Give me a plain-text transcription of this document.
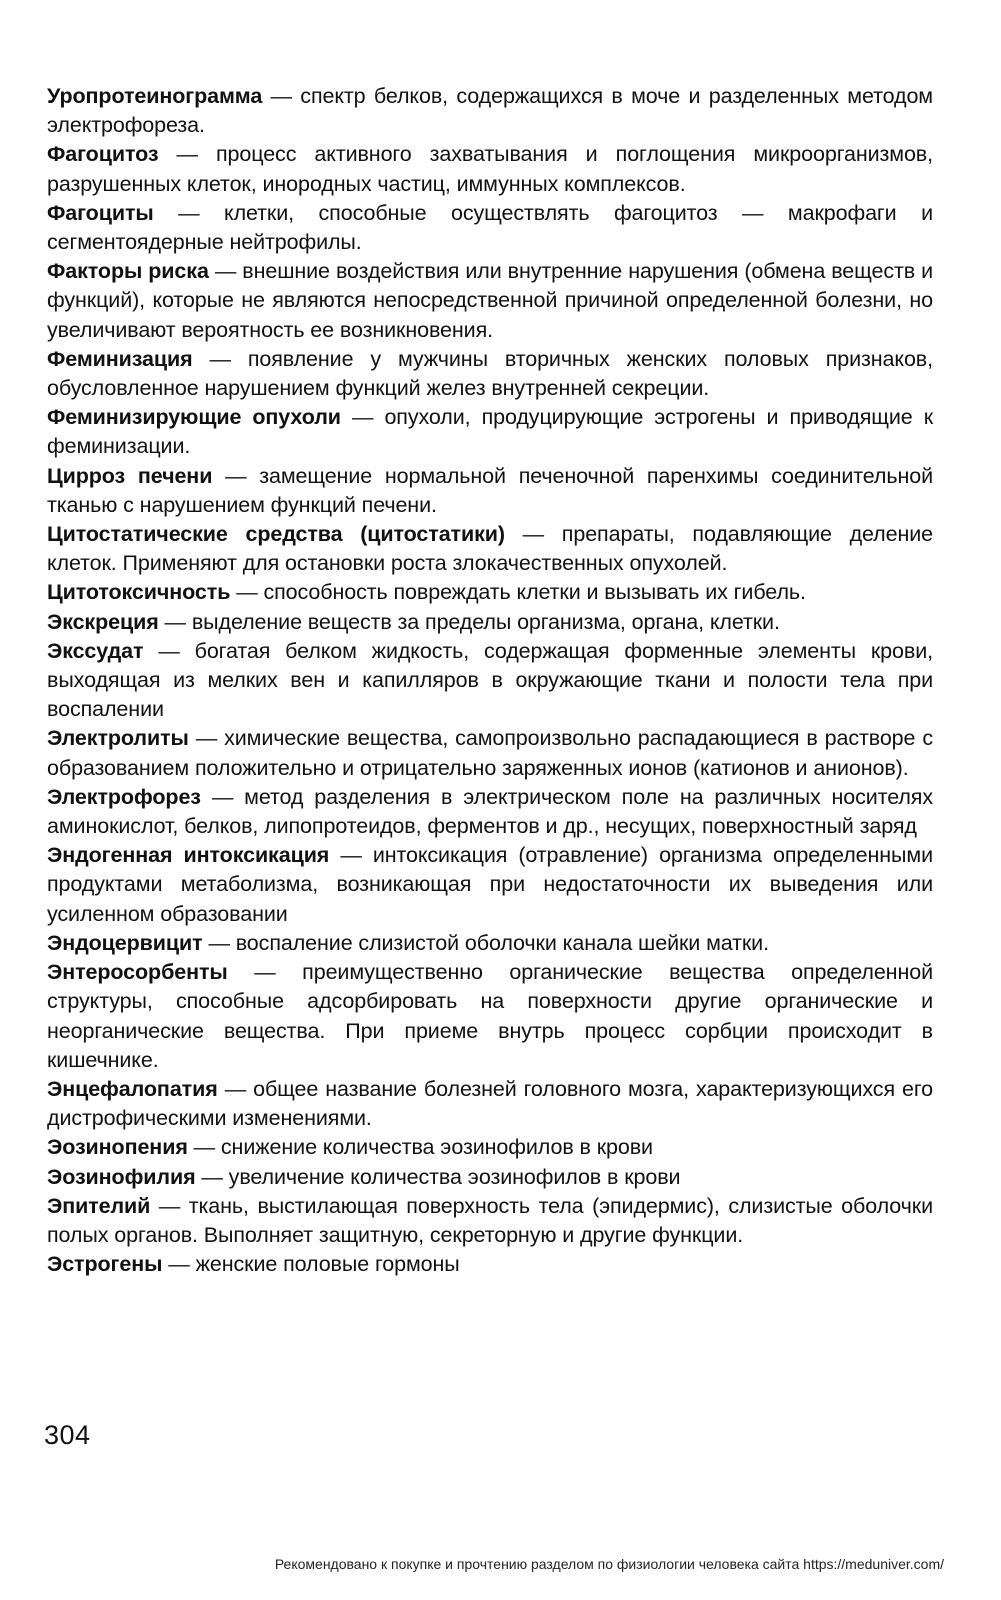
Уропротеинограмма — спектр белков, содержащихся в моче и разделенных методом электрофореза.
Фагоцитоз — процесс активного захватывания и поглощения микроорганизмов, разрушенных клеток, инородных частиц, иммунных комплексов.
Фагоциты — клетки, способные осуществлять фагоцитоз — макрофаги и сегментоядерные нейтрофилы.
Факторы риска — внешние воздействия или внутренние нарушения (обмена веществ и функций), которые не являются непосредственной причиной определенной болезни, но увеличивают вероятность ее возникновения.
Феминизация — появление у мужчины вторичных женских половых признаков, обусловленное нарушением функций желез внутренней секреции.
Феминизирующие опухоли — опухоли, продуцирующие эстрогены и приводящие к феминизации.
Цирроз печени — замещение нормальной печеночной паренхимы соединительной тканью с нарушением функций печени.
Цитостатические средства (цитостатики) — препараты, подавляющие деление клеток. Применяют для остановки роста злокачественных опухолей.
Цитотоксичность — способность повреждать клетки и вызывать их гибель.
Экскреция — выделение веществ за пределы организма, органа, клетки.
Экссудат — богатая белком жидкость, содержащая форменные элементы крови, выходящая из мелких вен и капилляров в окружающие ткани и полости тела при воспалении
Электролиты — химические вещества, самопроизвольно распадающиеся в растворе с образованием положительно и отрицательно заряженных ионов (катионов и анионов).
Электрофорез — метод разделения в электрическом поле на различных носителях аминокислот, белков, липопротеидов, ферментов и др., несущих, поверхностный заряд
Эндогенная интоксикация — интоксикация (отравление) организма определенными продуктами метаболизма, возникающая при недостаточности их выведения или усиленном образовании
Эндоцервицит — воспаление слизистой оболочки канала шейки матки.
Энтеросорбенты — преимущественно органические вещества определенной структуры, способные адсорбировать на поверхности другие органические и неорганические вещества. При приеме внутрь процесс сорбции происходит в кишечнике.
Энцефалопатия — общее название болезней головного мозга, характеризующихся его дистрофическими изменениями.
Эозинопения — снижение количества эозинофилов в крови
Эозинофилия — увеличение количества эозинофилов в крови
Эпителий — ткань, выстилающая поверхность тела (эпидермис), слизистые оболочки полых органов. Выполняет защитную, секреторную и другие функции.
Эстрогены — женские половые гормоны
304
Рекомендовано к покупке и прочтению разделом по физиологии человека сайта https://meduniver.com/
